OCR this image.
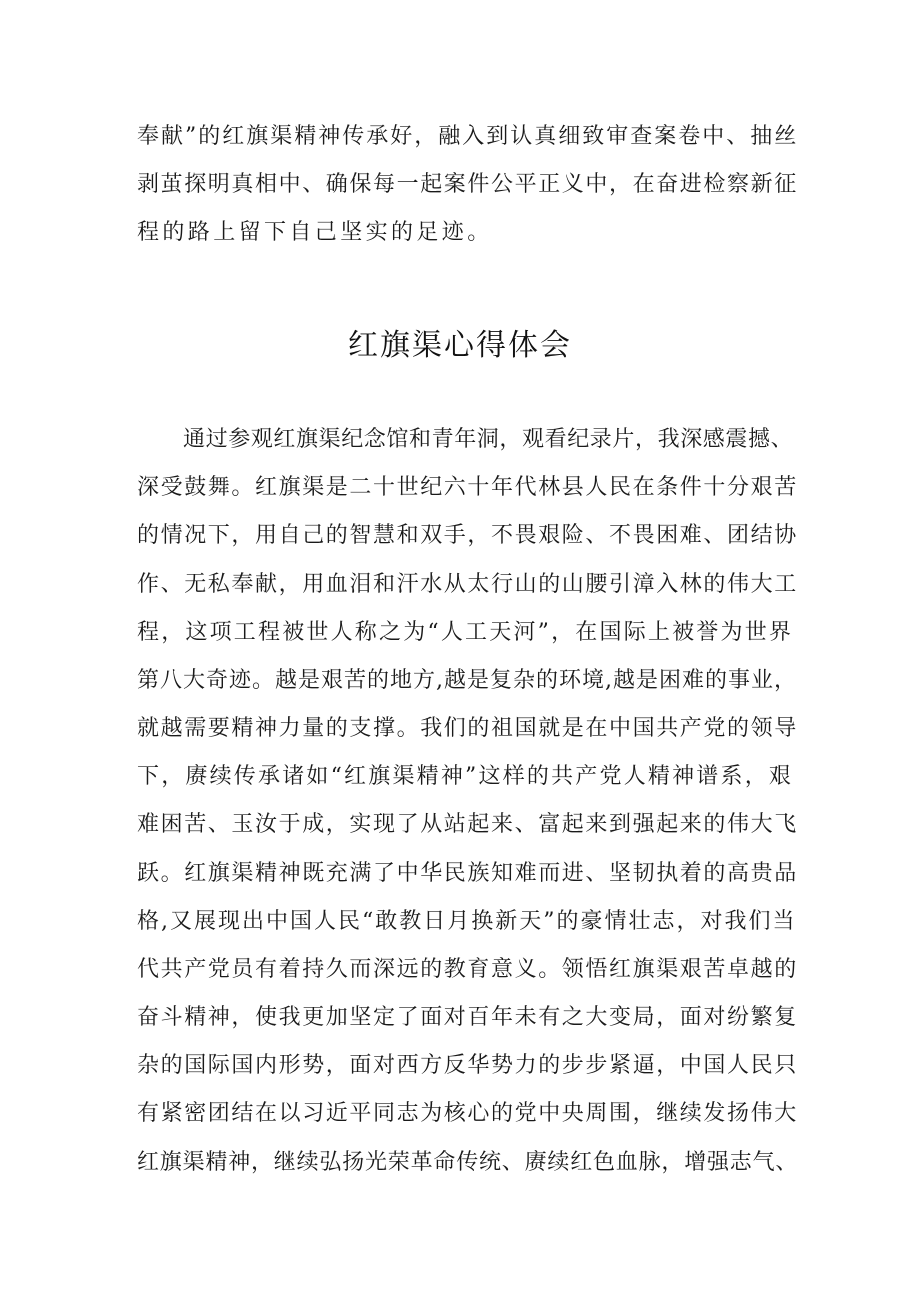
奉献”的红旗渠精神传承好，融入到认真细致审查案卷中、抽丝
剥茧探明真相中、确保每一起案件公平正义中，在奋进检察新征
程的路上留下自己坚实的足迹。
红旗渠心得体会
通过参观红旗渠纪念馆和青年洞，观看纪录片，我深感震撼、
深受鼓舞。红旗渠是二十世纪六十年代林县人民在条件十分艰苦
的情况下，用自己的智慧和双手，不畏艰险、不畏困难、团结协
作、无私奉献，用血泪和汗水从太行山的山腰引漳入林的伟大工
程，这项工程被世人称之为“人工天河”，在国际上被誉为世界
第八大奇迹。越是艰苦的地方,越是复杂的环境,越是困难的事业，
就越需要精神力量的支撑。我们的祖国就是在中国共产党的领导
下，赓续传承诸如“红旗渠精神”这样的共产党人精神谱系，艰
难困苦、玉汝于成，实现了从站起来、富起来到强起来的伟大飞
跃。红旗渠精神既充满了中华民族知难而进、坚韧执着的高贵品
格,又展现出中国人民“敢教日月换新天”的豪情壮志，对我们当
代共产党员有着持久而深远的教育意义。领悟红旗渠艰苦卓越的
奋斗精神，使我更加坚定了面对百年未有之大变局，面对纷繁复
杂的国际国内形势，面对西方反华势力的步步紧逼，中国人民只
有紧密团结在以习近平同志为核心的党中央周围，继续发扬伟大
红旗渠精神，继续弘扬光荣革命传统、赓续红色血脉，增强志气、
